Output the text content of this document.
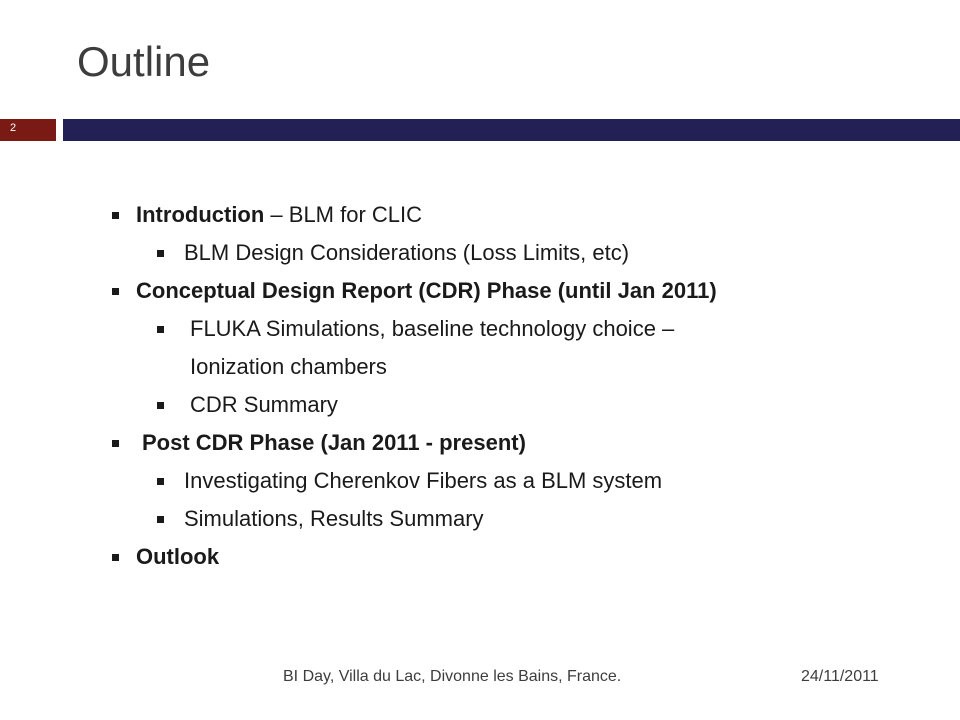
Outline
2
Introduction – BLM for CLIC
BLM Design Considerations (Loss Limits, etc)
Conceptual Design Report (CDR) Phase (until Jan 2011)
FLUKA Simulations, baseline technology choice –
Ionization chambers
CDR Summary
Post CDR Phase (Jan 2011 - present)
Investigating Cherenkov Fibers as a BLM system
Simulations, Results Summary
Outlook
BI Day, Villa du Lac, Divonne les Bains, France.	24/11/2011
